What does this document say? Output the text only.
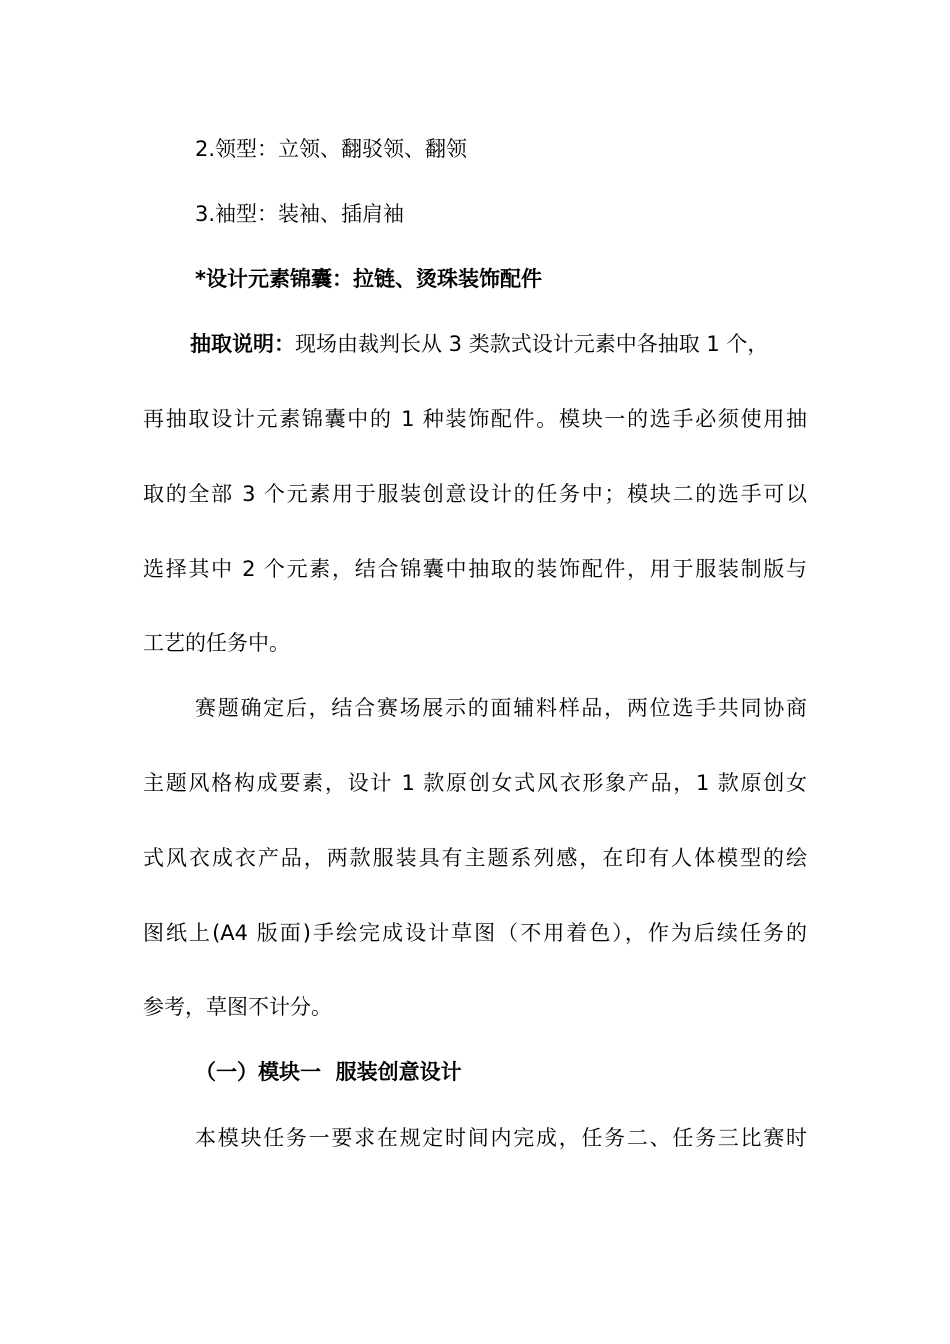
2.领型：立领、翻驳领、翻领
3.袖型：装袖、插肩袖
*设计元素锦囊：拉链、烫珠装饰配件
抽取说明：现场由裁判长从 3 类款式设计元素中各抽取 1 个，
再抽取设计元素锦囊中的 1 种装饰配件。模块一的选手必须使用抽
取的全部 3 个元素用于服装创意设计的任务中；模块二的选手可以
选择其中 2 个元素，结合锦囊中抽取的装饰配件，用于服装制版与
工艺的任务中。
赛题确定后，结合赛场展示的面辅料样品，两位选手共同协商
主题风格构成要素，设计 1 款原创女式风衣形象产品，1 款原创女
式风衣成衣产品，两款服装具有主题系列感，在印有人体模型的绘
图纸上(A4 版面)手绘完成设计草图（不用着色），作为后续任务的
参考，草图不计分。
（一）模块一  服装创意设计
本模块任务一要求在规定时间内完成，任务二、任务三比赛时
